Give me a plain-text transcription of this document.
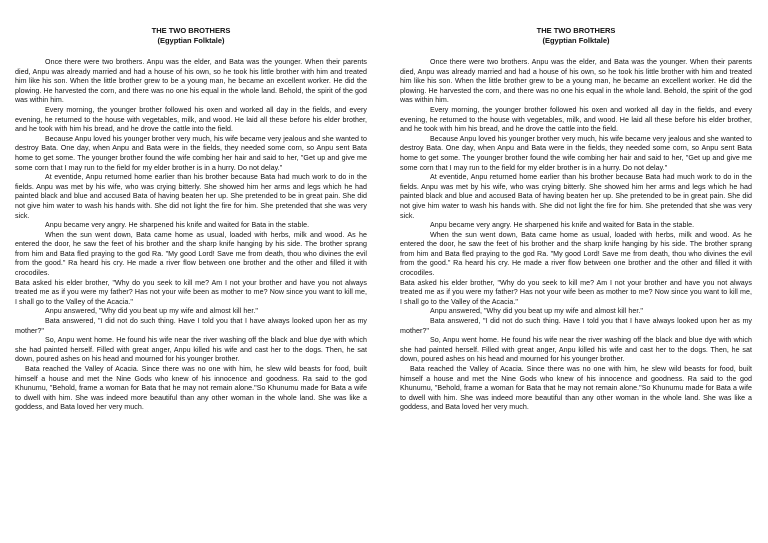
THE TWO BROTHERS

(Egyptian Folktale)

Once there were two brothers. Anpu was the elder, and Bata was the younger. When their parents died, Anpu was already married and had a house of his own, so he took his little brother with him and treated him like his son. When the little brother grew to be a young man, he became an excellent worker. He did the plowing. He harvested the corn, and there was no one his equal in the whole land. Behold, the spirit of the god was within him.

Every morning, the younger brother followed his oxen and worked all day in the fields, and every evening, he returned to the house with vegetables, milk, and wood. He laid all these before his elder brother, and he took with him his bread, and he drove the cattle into the field.

Because Anpu loved his younger brother very much, his wife became very jealous and she wanted to destroy Bata. One day, when Anpu and Bata were in the fields, they needed some corn, so Anpu sent Bata home to get some. The younger brother found the wife combing her hair and said to her, "Get up and give me some corn that I may run to the field for my elder brother is in a hurry. Do not delay."

At eventide, Anpu returned home earlier than his brother because Bata had much work to do in the fields. Anpu was met by his wife, who was crying bitterly. She showed him her arms and legs which he had painted black and blue and accused Bata of having beaten her up. She pretended to be in great pain. She did not give him water to wash his hands with. She did not light the fire for him. She pretended that she was very sick.

Anpu became very angry. He sharpened his knife and waited for Bata in the stable.

When the sun went down, Bata came home as usual, loaded with herbs, milk and wood. As he entered the door, he saw the feet of his brother and the sharp knife hanging by his side. The brother sprang from him and Bata fled praying to the god Ra. "My good Lord! Save me from death, thou who divines the evil from the good." Ra heard his cry. He made a river flow between one brother and the other and filled it with crocodiles.

Bata asked his elder brother, "Why do you seek to kill me? Am I not your brother and have you not always treated me as if you were my father? Has not your wife been as mother to me? Now since you want to kill me, I shall go to the Valley of the Acacia."

Anpu answered, "Why did you beat up my wife and almost kill her."

Bata answered, "I did not do such thing. Have I told you that I have always looked upon her as my mother?"

So, Anpu went home. He found his wife near the river washing off the black and blue dye with which she had painted herself. Filled with great anger, Anpu killed his wife and cast her to the dogs. Then, he sat down, poured ashes on his head and mourned for his younger brother.

Bata reached the Valley of Acacia. Since there was no one with him, he slew wild beasts for food, built himself a house and met the Nine Gods who knew of his innocence and goodness. Ra said to the god Khunumu, "Behold, frame a woman for Bata that he may not remain alone."So Khunumu made for Bata a wife to dwell with him. She was indeed more beautiful than any other woman in the whole land. She was like a goddess, and Bata loved her very much.

THE TWO BROTHERS

(Egyptian Folktale)

Once there were two brothers. Anpu was the elder, and Bata was the younger. When their parents died, Anpu was already married and had a house of his own, so he took his little brother with him and treated him like his son. When the little brother grew to be a young man, he became an excellent worker. He did the plowing. He harvested the corn, and there was no one his equal in the whole land. Behold, the spirit of the god was within him.

Every morning, the younger brother followed his oxen and worked all day in the fields, and every evening, he returned to the house with vegetables, milk, and wood. He laid all these before his elder brother, and he took with him his bread, and he drove the cattle into the field.

Because Anpu loved his younger brother very much, his wife became very jealous and she wanted to destroy Bata. One day, when Anpu and Bata were in the fields, they needed some corn, so Anpu sent Bata home to get some. The younger brother found the wife combing her hair and said to her, "Get up and give me some corn that I may run to the field for my elder brother is in a hurry. Do not delay."

At eventide, Anpu returned home earlier than his brother because Bata had much work to do in the fields. Anpu was met by his wife, who was crying bitterly. She showed him her arms and legs which he had painted black and blue and accused Bata of having beaten her up. She pretended to be in great pain. She did not give him water to wash his hands with. She did not light the fire for him. She pretended that she was very sick.

Anpu became very angry. He sharpened his knife and waited for Bata in the stable.

When the sun went down, Bata came home as usual, loaded with herbs, milk and wood. As he entered the door, he saw the feet of his brother and the sharp knife hanging by his side. The brother sprang from him and Bata fled praying to the god Ra. "My good Lord! Save me from death, thou who divines the evil from the good." Ra heard his cry. He made a river flow between one brother and the other and filled it with crocodiles.

Bata asked his elder brother, "Why do you seek to kill me? Am I not your brother and have you not always treated me as if you were my father? Has not your wife been as mother to me? Now since you want to kill me, I shall go to the Valley of the Acacia."

Anpu answered, "Why did you beat up my wife and almost kill her."

Bata answered, "I did not do such thing. Have I told you that I have always looked upon her as my mother?"

So, Anpu went home. He found his wife near the river washing off the black and blue dye with which she had painted herself. Filled with great anger, Anpu killed his wife and cast her to the dogs. Then, he sat down, poured ashes on his head and mourned for his younger brother.

Bata reached the Valley of Acacia. Since there was no one with him, he slew wild beasts for food, built himself a house and met the Nine Gods who knew of his innocence and goodness. Ra said to the god Khunumu, "Behold, frame a woman for Bata that he may not remain alone."So Khunumu made for Bata a wife to dwell with him. She was indeed more beautiful than any other woman in the whole land. She was like a goddess, and Bata loved her very much.
